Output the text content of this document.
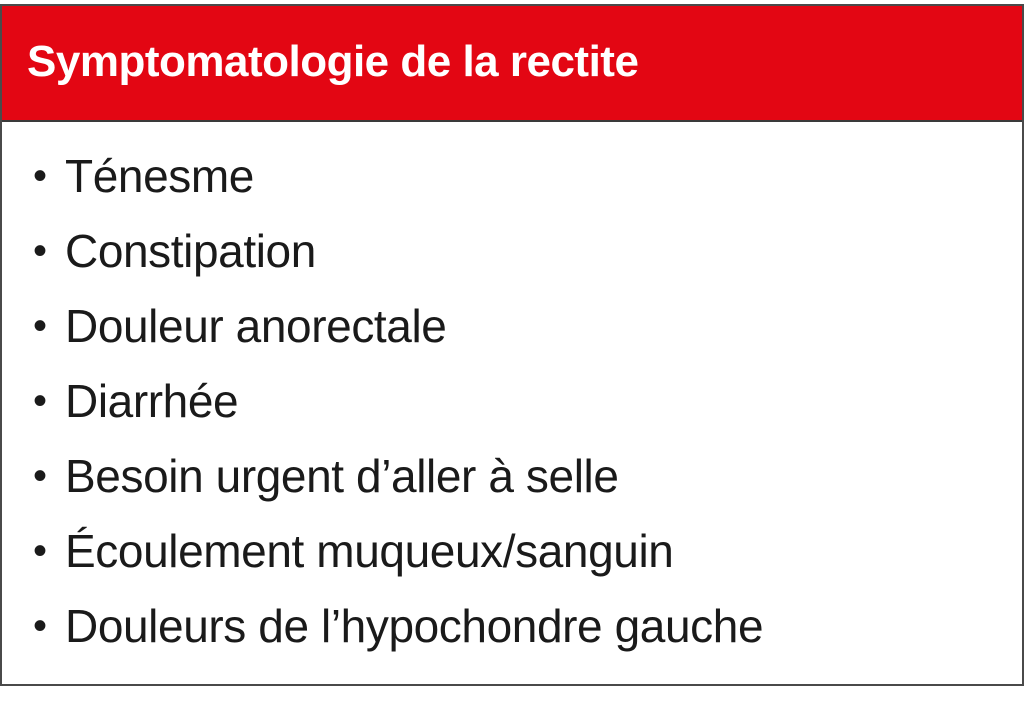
Symptomatologie de la rectite
• Ténesme
• Constipation
• Douleur anorectale
• Diarrhée
• Besoin urgent d’aller à selle
• Écoulement muqueux/sanguin
• Douleurs de l’hypochondre gauche
